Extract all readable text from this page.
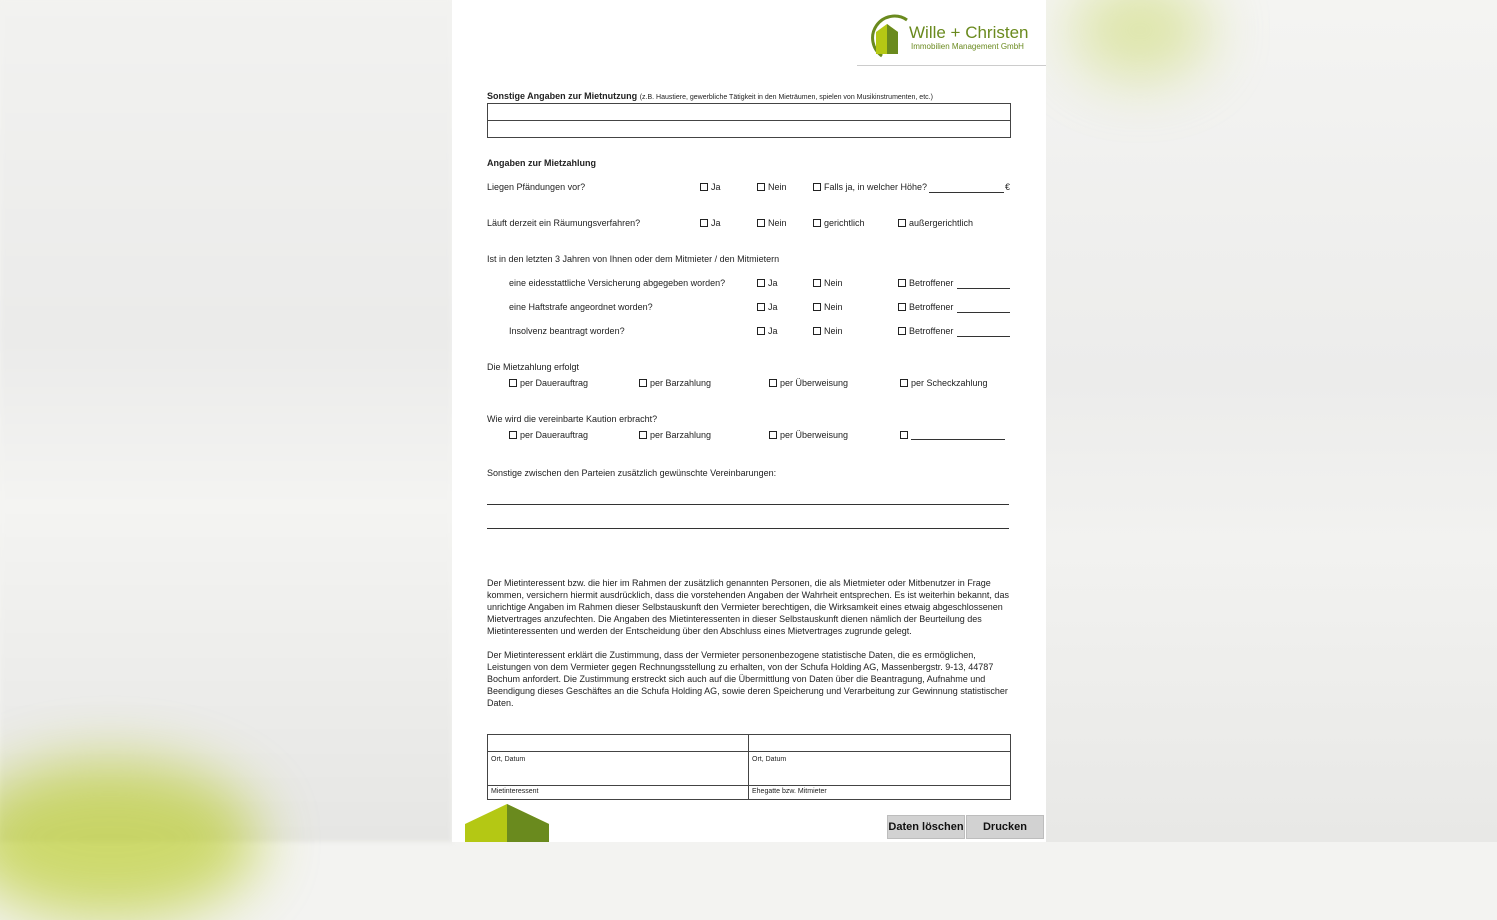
Wille + Christen
Immobilien Management GmbH
Sonstige Angaben zur Mietnutzung (z.B. Haustiere, gewerbliche Tätigkeit in den Mieträumen, spielen von Musikinstrumenten, etc.)
Angaben zur Mietzahlung
Liegen Pfändungen vor?	Ja	Nein	Falls ja, in welcher Höhe?	€
Läuft derzeit ein Räumungsverfahren?	Ja	Nein	gerichtlich	außergerichtlich
Ist in den letzten 3 Jahren von Ihnen oder dem Mitmieter / den Mitmietern
eine eidesstattliche Versicherung abgegeben worden?	Ja	Nein	Betroffener
eine Haftstrafe angeordnet worden?	Ja	Nein	Betroffener
Insolvenz beantragt worden?	Ja	Nein	Betroffener
Die Mietzahlung erfolgt
per Dauerauftrag	per Barzahlung	per Überweisung	per Scheckzahlung
Wie wird die vereinbarte Kaution erbracht?
per Dauerauftrag	per Barzahlung	per Überweisung
Sonstige zwischen den Parteien zusätzlich gewünschte Vereinbarungen:
Der Mietinteressent bzw. die hier im Rahmen der zusätzlich genannten Personen, die als Mietmieter oder Mitbenutzer in Frage kommen, versichern hiermit ausdrücklich, dass die vorstehenden Angaben der Wahrheit entsprechen. Es ist weiterhin bekannt, das unrichtige Angaben im Rahmen dieser Selbstauskunft den Vermieter berechtigen, die Wirksamkeit eines etwaig abgeschlossenen Mietvertrages anzufechten. Die Angaben des Mietinteressenten in dieser Selbstauskunft dienen nämlich der Beurteilung des Mietinteressenten und werden der Entscheidung über den Abschluss eines Mietvertrages zugrunde gelegt.
Der Mietinteressent erklärt die Zustimmung, dass der Vermieter personenbezogene statistische Daten, die es ermöglichen, Leistungen von dem Vermieter gegen Rechnungsstellung zu erhalten, von der Schufa Holding AG, Massenbergstr. 9-13, 44787 Bochum anfordert. Die Zustimmung erstreckt sich auch auf die Übermittlung von Daten über die Beantragung, Aufnahme und Beendigung dieses Geschäftes an die Schufa Holding AG, sowie deren Speicherung und Verarbeitung zur Gewinnung statistischer Daten.
Ort, Datum	Ort, Datum
Mietinteressent	Ehegatte bzw. Mitmieter
Daten löschen	Drucken
